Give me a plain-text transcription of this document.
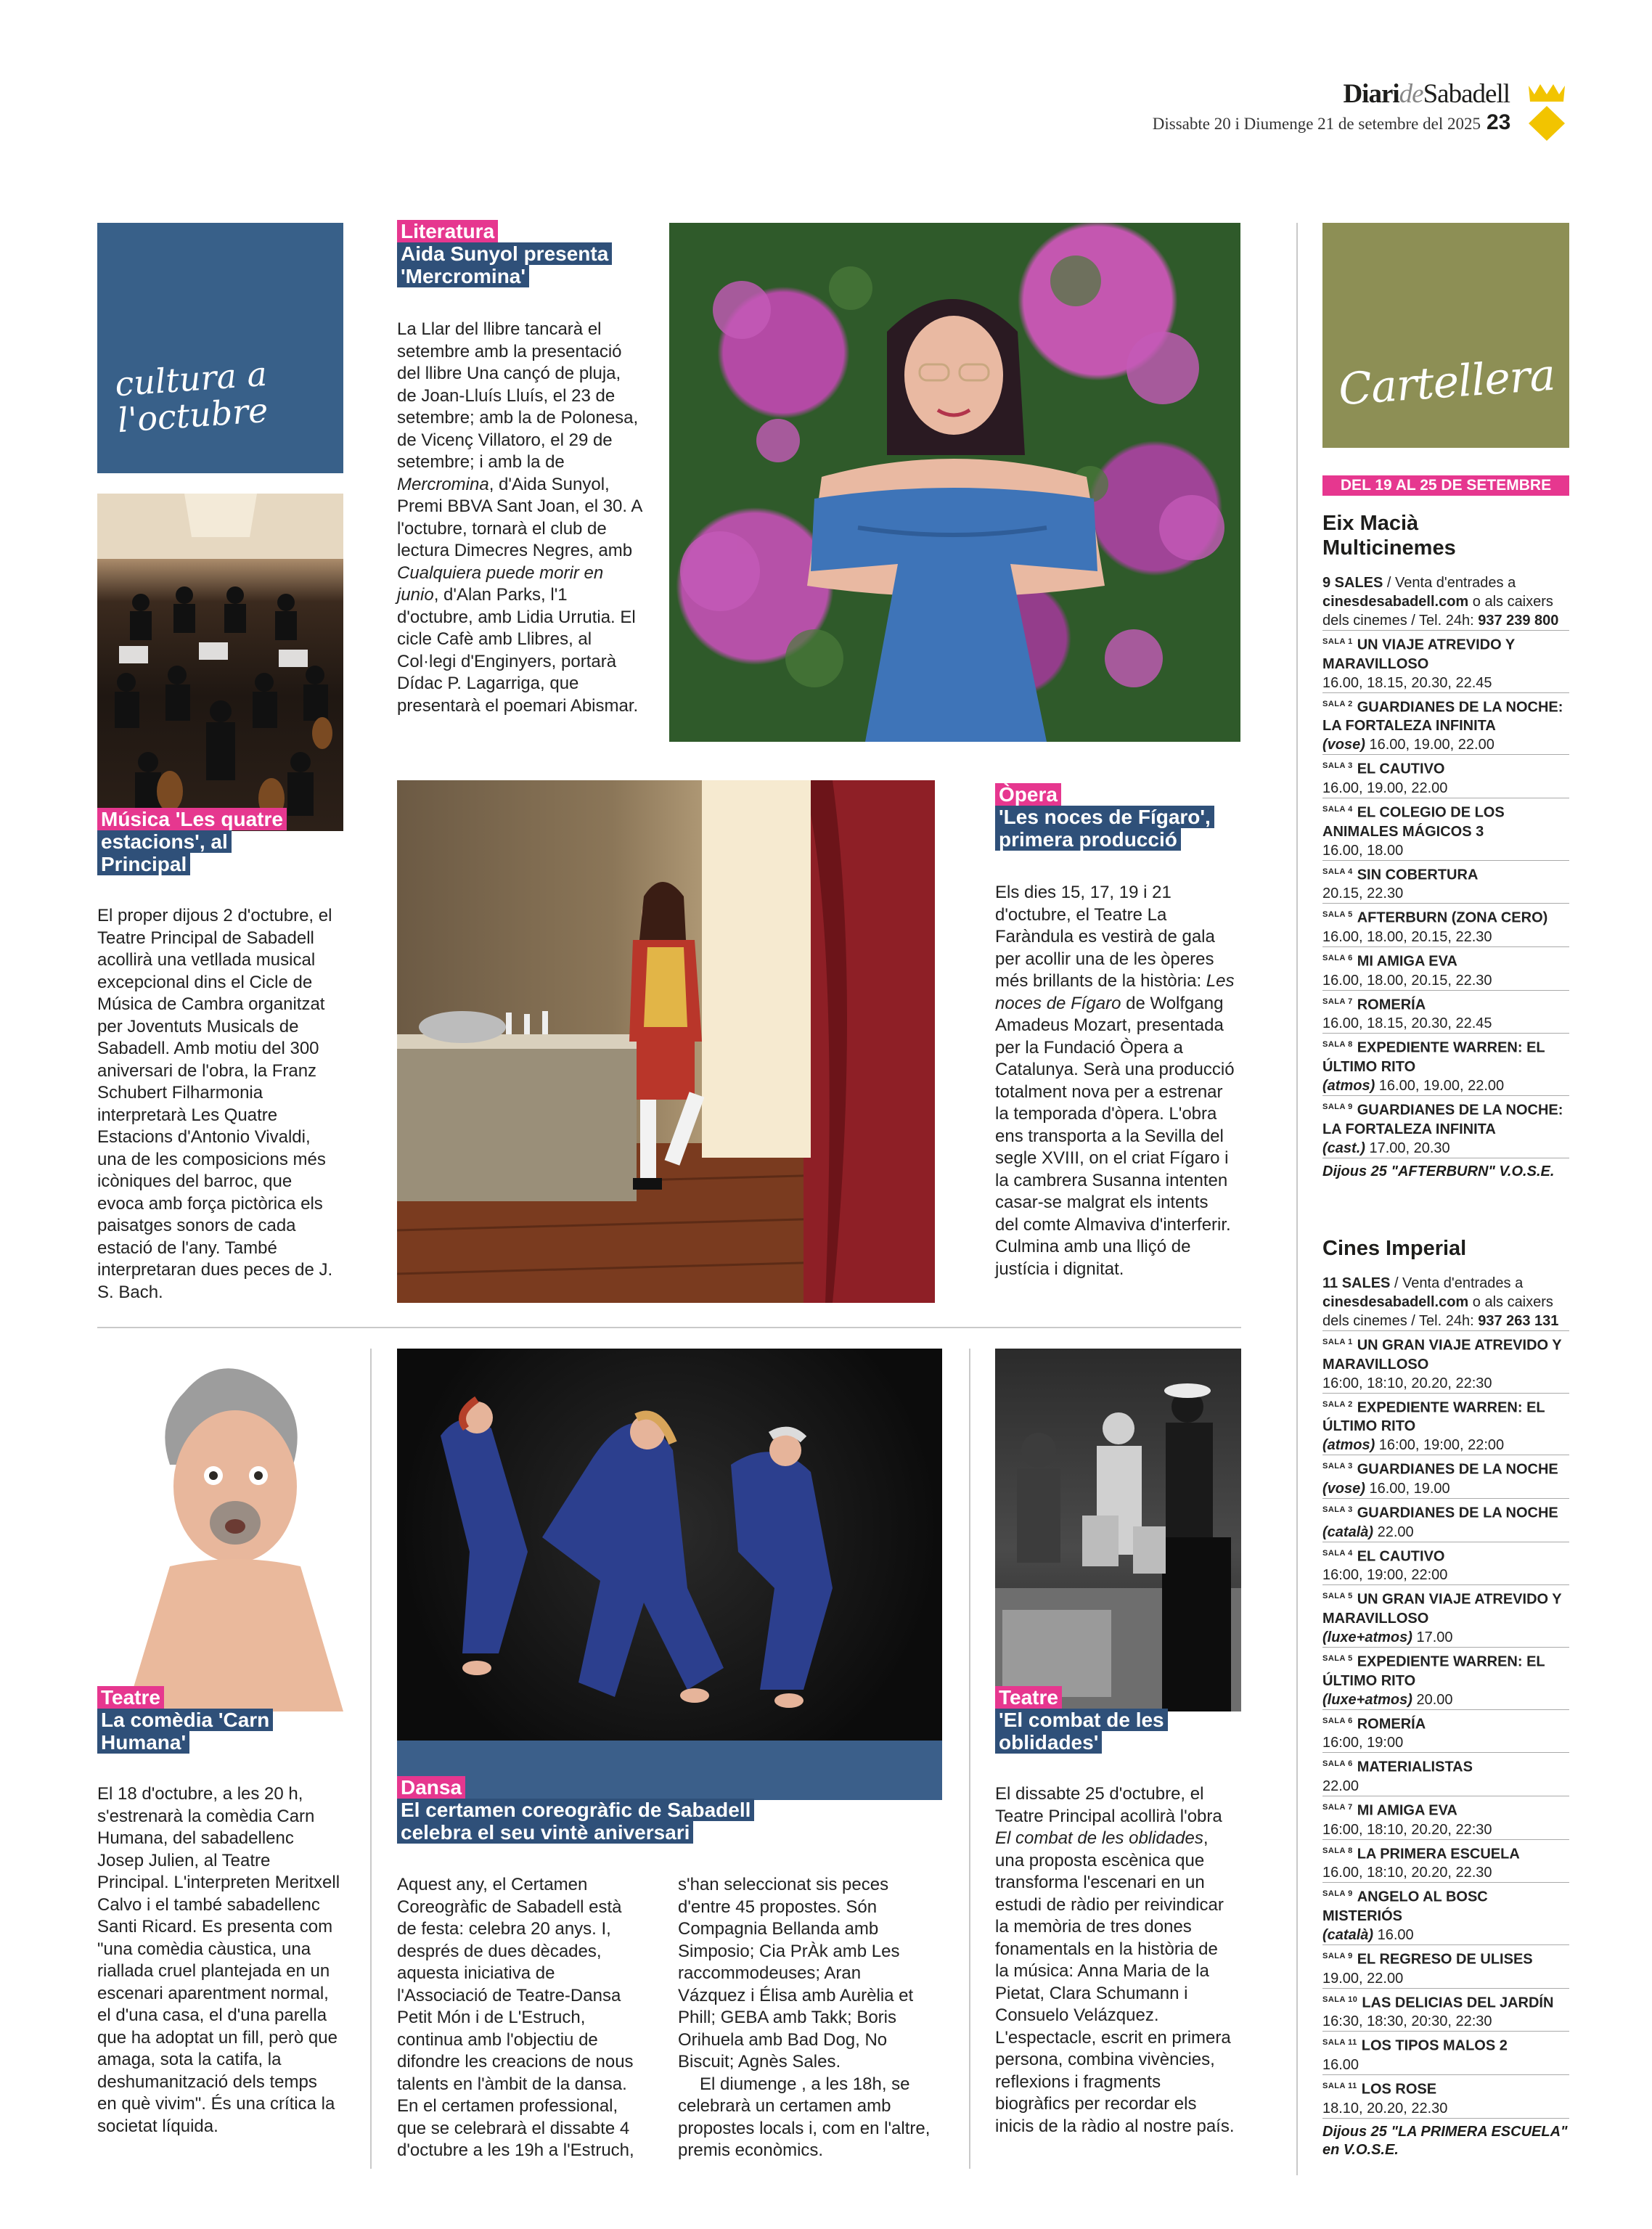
DiarideSabadell
Dissabte 20 i Diumenge 21 de setembre del 2025 23
cultura a
l'octubre
Música 'Les quatre
estacions', al
Principal
El proper dijous 2 d'octubre, el Teatre Principal de Sabadell acollirà una vetllada musical excepcional dins el Cicle de Música de Cambra organitzat per Joventuts Musicals de Sabadell. Amb motiu del 300 aniversari de l'obra, la Franz Schubert Filharmonia interpretarà Les Quatre Estacions d'Antonio Vivaldi, una de les composicions més icòniques del barroc, que evoca amb força pictòrica els paisatges sonors de cada estació de l'any. També interpretaran dues peces de J. S. Bach.
Literatura
Aida Sunyol presenta
'Mercromina'
La Llar del llibre tancarà el setembre amb la presentació del llibre Una cançó de pluja, de Joan-Lluís Lluís, el 23 de setembre; amb la de Polonesa, de Vicenç Villatoro, el 29 de setembre; i amb la de Mercromina, d'Aida Sunyol, Premi BBVA Sant Joan, el 30. A l'octubre, tornarà el club de lectura Dimecres Negres, amb Cualquiera puede morir en junio, d'Alan Parks, l'1 d'octubre, amb Lidia Urrutia. El cicle Cafè amb Llibres, al Col·legi d'Enginyers, portarà Dídac P. Lagarriga, que presentarà el poemari Abismar.
Òpera
'Les noces de Fígaro',
primera producció
Els dies 15, 17, 19 i 21 d'octubre, el Teatre La Faràndula es vestirà de gala per acollir una de les òperes més brillants de la història: Les noces de Fígaro de Wolfgang Amadeus Mozart, presentada per la Fundació Òpera a Catalunya. Serà una producció totalment nova per a estrenar la temporada d'òpera. L'obra ens transporta a la Sevilla del segle XVIII, on el criat Fígaro i la cambrera Susanna intenten casar-se malgrat els intents del comte Almaviva d'interferir. Culmina amb una lliçó de justícia i dignitat.
Teatre
La comèdia 'Carn
Humana'
El 18 d'octubre, a les 20 h, s'estrenarà la comèdia Carn Humana, del sabadellenc Josep Julien, al Teatre Principal. L'interpreten Meritxell Calvo i el també sabadellenc Santi Ricard. Es presenta com "una comèdia càustica, una riallada cruel plantejada en un escenari aparentment normal, el d'una casa, el d'una parella que ha adoptat un fill, però que amaga, sota la catifa, la deshumanització dels temps en què vivim". És una crítica la societat líquida.
Dansa
El certamen coreogràfic de Sabadell
celebra el seu vintè aniversari

Aquest any, el Certamen Coreogràfic de Sabadell està de festa: celebra 20 anys. I, després de dues dècades, aquesta iniciativa de l'Associació de Teatre-Dansa Petit Món i de L'Estruch, continua amb l'objectiu de difondre les creacions de nous talents en l'àmbit de la dansa.

En el certamen professional, que se celebrarà el dissabte 4 d'octubre a les 19h a l'Estruch,

s'han seleccionat sis peces d'entre 45 propostes. Són Compagnia Bellanda amb Simposio; Cia PrÀk amb Les raccommodeuses; Aran Vázquez i Élisa amb Aurèlia et Phill; GEBA amb Takk; Boris Orihuela amb Bad Dog, No Biscuit; Agnès Sales.

El diumenge , a les 18h, se celebrarà un certamen amb propostes locals i, com en l'altre, premis econòmics.

Teatre
'El combat de les
oblidades'
El dissabte 25 d'octubre, el Teatre Principal acollirà l'obra El combat de les oblidades, una proposta escènica que transforma l'escenari en un estudi de ràdio per reivindicar la memòria de tres dones fonamentals en la història de la música: Anna Maria de la Pietat, Clara Schumann i Consuelo Velázquez. L'espectacle, escrit en primera persona, combina vivències, reflexions i fragments biogràfics per recordar els inicis de la ràdio al nostre país.
Cartellera
DEL 19 AL 25 DE SETEMBRE
Eix Macià
Multicinemes
9 SALES / Venta d'entrades a cinesdesabadell.com o als caixers dels cinemes / Tel. 24h: 937 239 800
$^{SALA 1}$ UN VIAJE ATREVIDO Y MARAVILLOSO
16.00, 18.15, 20.30, 22.45
$^{SALA 2}$ GUARDIANES DE LA NOCHE: LA FORTALEZA INFINITA
(vose) 16.00, 19.00, 22.00
$^{SALA 3}$ EL CAUTIVO
16.00, 19.00, 22.00
$^{SALA 4}$ EL COLEGIO DE LOS ANIMALES MÁGICOS 3
16.00, 18.00
$^{SALA 4}$ SIN COBERTURA
20.15, 22.30
$^{SALA 5}$ AFTERBURN (ZONA CERO)
16.00, 18.00, 20.15, 22.30
$^{SALA 6}$ MI AMIGA EVA
16.00, 18.00, 20.15, 22.30
$^{SALA 7}$ ROMERÍA
16.00, 18.15, 20.30, 22.45
$^{SALA 8}$ EXPEDIENTE WARREN: EL ÚLTIMO RITO
(atmos) 16.00, 19.00, 22.00
$^{SALA 9}$ GUARDIANES DE LA NOCHE: LA FORTALEZA INFINITA
(cast.) 17.00, 20.30
Dijous 25 "AFTERBURN" V.O.S.E.
Cines Imperial
11 SALES / Venta d'entrades a cinesdesabadell.com o als caixers dels cinemes / Tel. 24h: 937 263 131
$^{SALA 1}$ UN GRAN VIAJE ATREVIDO Y MARAVILLOSO
16:00, 18:10, 20.20, 22:30
$^{SALA 2}$ EXPEDIENTE WARREN: EL ÚLTIMO RITO
(atmos) 16:00, 19:00, 22:00
$^{SALA 3}$ GUARDIANES DE LA NOCHE
(vose) 16.00, 19.00
$^{SALA 3}$ GUARDIANES DE LA NOCHE
(català) 22.00
$^{SALA 4}$ EL CAUTIVO
16:00, 19:00, 22:00
$^{SALA 5}$ UN GRAN VIAJE ATREVIDO Y MARAVILLOSO
(luxe+atmos) 17.00
$^{SALA 5}$ EXPEDIENTE WARREN: EL ÚLTIMO RITO
(luxe+atmos) 20.00
$^{SALA 6}$ ROMERÍA
16:00, 19:00
$^{SALA 6}$ MATERIALISTAS
22.00
$^{SALA 7}$ MI AMIGA EVA
16:00, 18:10, 20.20, 22:30
$^{SALA 8}$ LA PRIMERA ESCUELA
16.00, 18:10, 20.20, 22.30
$^{SALA 9}$ ANGELO AL BOSC MISTERIÓS
(català) 16.00
$^{SALA 9}$ EL REGRESO DE ULISES
19.00, 22.00
$^{SALA 10}$ LAS DELICIAS DEL JARDÍN
16:30, 18:30, 20:30, 22:30
$^{SALA 11}$ LOS TIPOS MALOS 2
16.00
$^{SALA 11}$ LOS ROSE
18.10, 20.20, 22.30
Dijous 25 "LA PRIMERA ESCUELA" en V.O.S.E.
